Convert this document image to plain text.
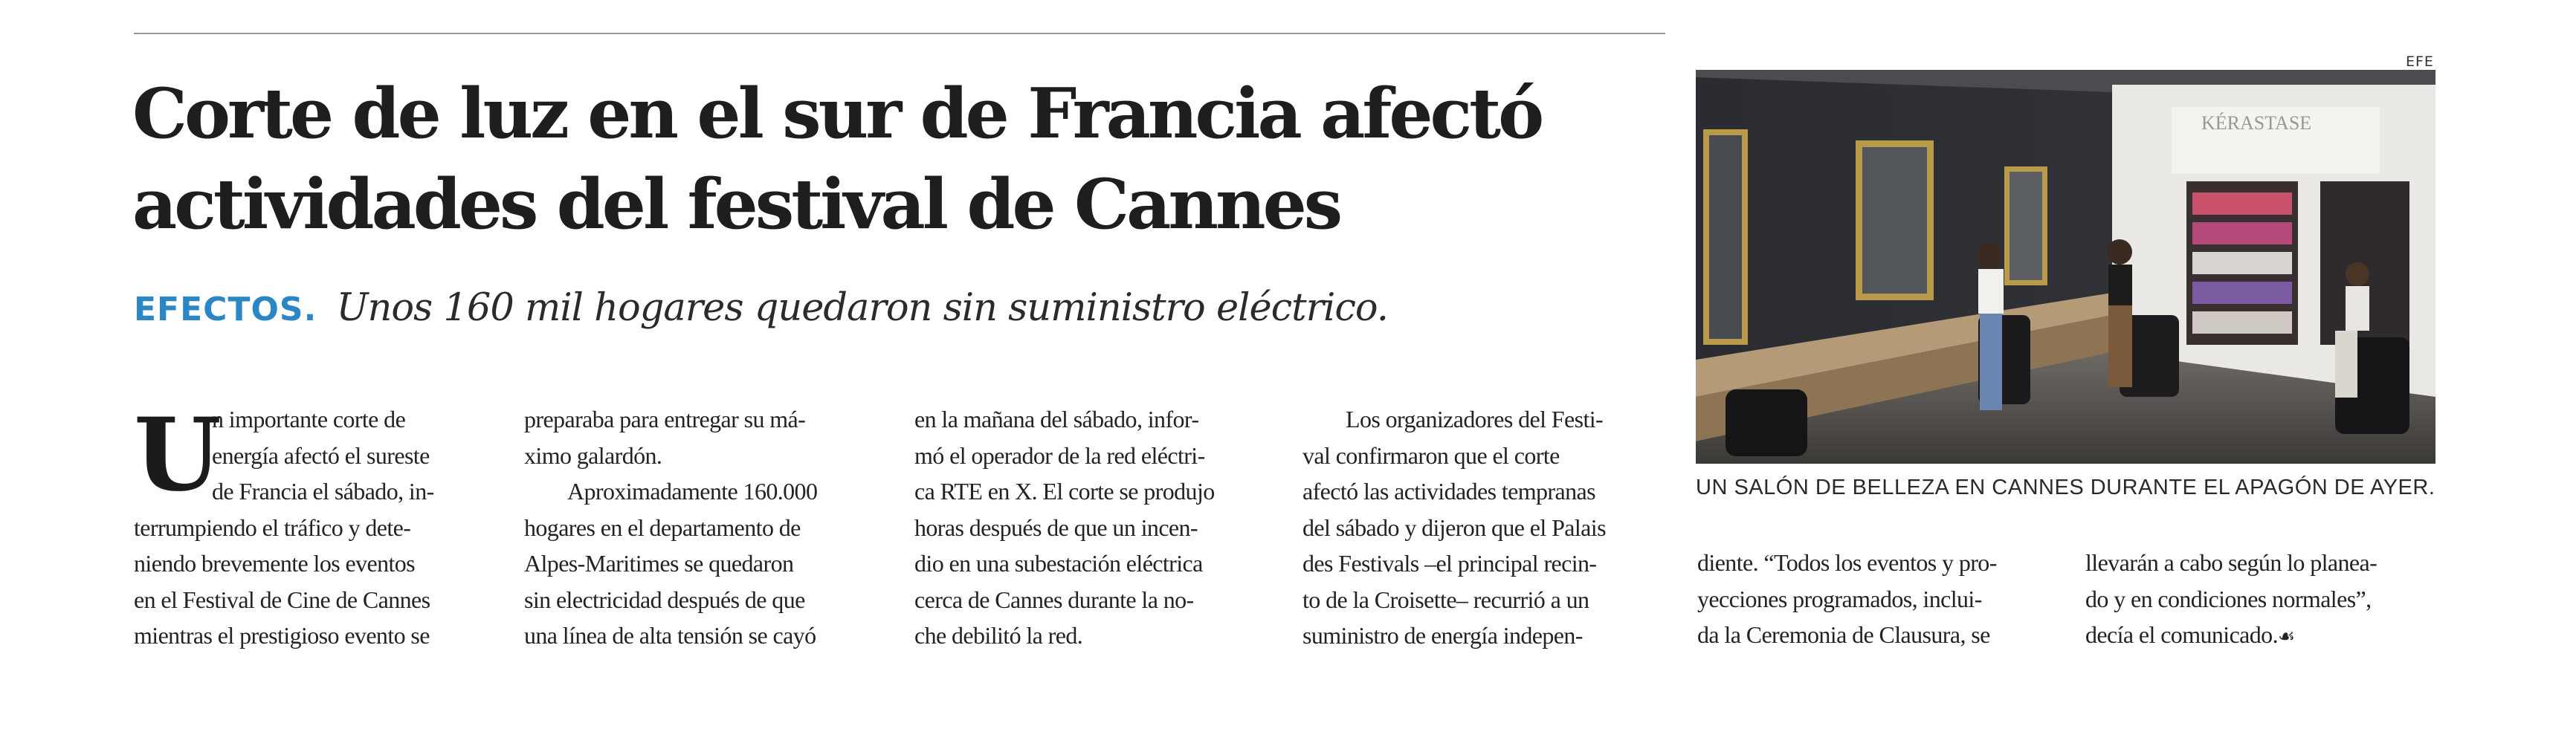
Corte de luz en el sur de Francia afectó
actividades del festival de Cannes
EFECTOS. Unos 160 mil hogares quedaron sin suministro eléctrico.
U

n importante corte de

energía afectó el sureste

de Francia el sábado, in-

terrumpiendo el tráfico y dete-

niendo brevemente los eventos

en el Festival de Cine de Cannes

mientras el prestigioso evento se

preparaba para entregar su má-

ximo galardón.

Aproximadamente 160.000

hogares en el departamento de

Alpes-Maritimes se quedaron

sin electricidad después de que

una línea de alta tensión se cayó

en la mañana del sábado, infor-

mó el operador de la red eléctri-

ca RTE en X. El corte se produjo

horas después de que un incen-

dio en una subestación eléctrica

cerca de Cannes durante la no-

che debilitó la red.

Los organizadores del Festi-

val confirmaron que el corte

afectó las actividades tempranas

del sábado y dijeron que el Palais

des Festivals –el principal recin-

to de la Croisette– recurrió a un

suministro de energía indepen-

diente. “Todos los eventos y pro-

yecciones programados, inclui-

da la Ceremonia de Clausura, se

llevarán a cabo según lo planea-

do y en condiciones normales”,

decía el comunicado.☙

EFE
KÉRASTASE
UN SALÓN DE BELLEZA EN CANNES DURANTE EL APAGÓN DE AYER.
